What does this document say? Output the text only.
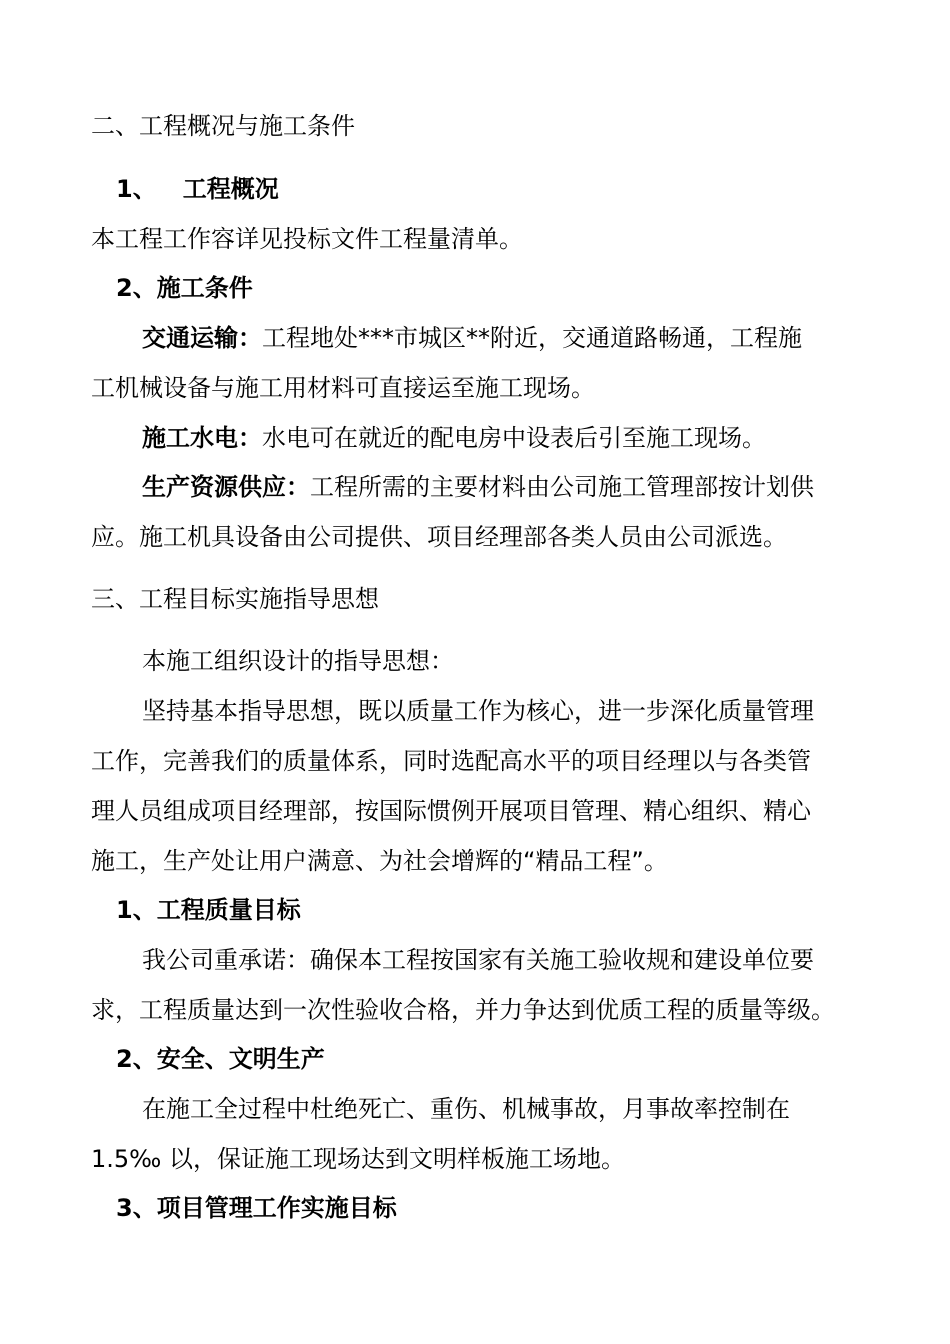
二、工程概况与施工条件
1、 工程概况
本工程工作容详见投标文件工程量清单。
2、施工条件
交通运输：工程地处***市城区**附近，交通道路畅通，工程施
工机械设备与施工用材料可直接运至施工现场。
施工水电：水电可在就近的配电房中设表后引至施工现场。
生产资源供应：工程所需的主要材料由公司施工管理部按计划供
应。施工机具设备由公司提供、项目经理部各类人员由公司派选。
三、工程目标实施指导思想
本施工组织设计的指导思想：
坚持基本指导思想，既以质量工作为核心，进一步深化质量管理
工作，完善我们的质量体系，同时选配高水平的项目经理以与各类管
理人员组成项目经理部，按国际惯例开展项目管理、精心组织、精心
施工，生产处让用户满意、为社会增辉的“精品工程”。
1、工程质量目标
我公司重承诺：确保本工程按国家有关施工验收规和建设单位要
求，工程质量达到一次性验收合格，并力争达到优质工程的质量等级。
2、安全、文明生产
在施工全过程中杜绝死亡、重伤、机械事故，月事故率控制在
1.5‰ 以，保证施工现场达到文明样板施工场地。
3、项目管理工作实施目标
